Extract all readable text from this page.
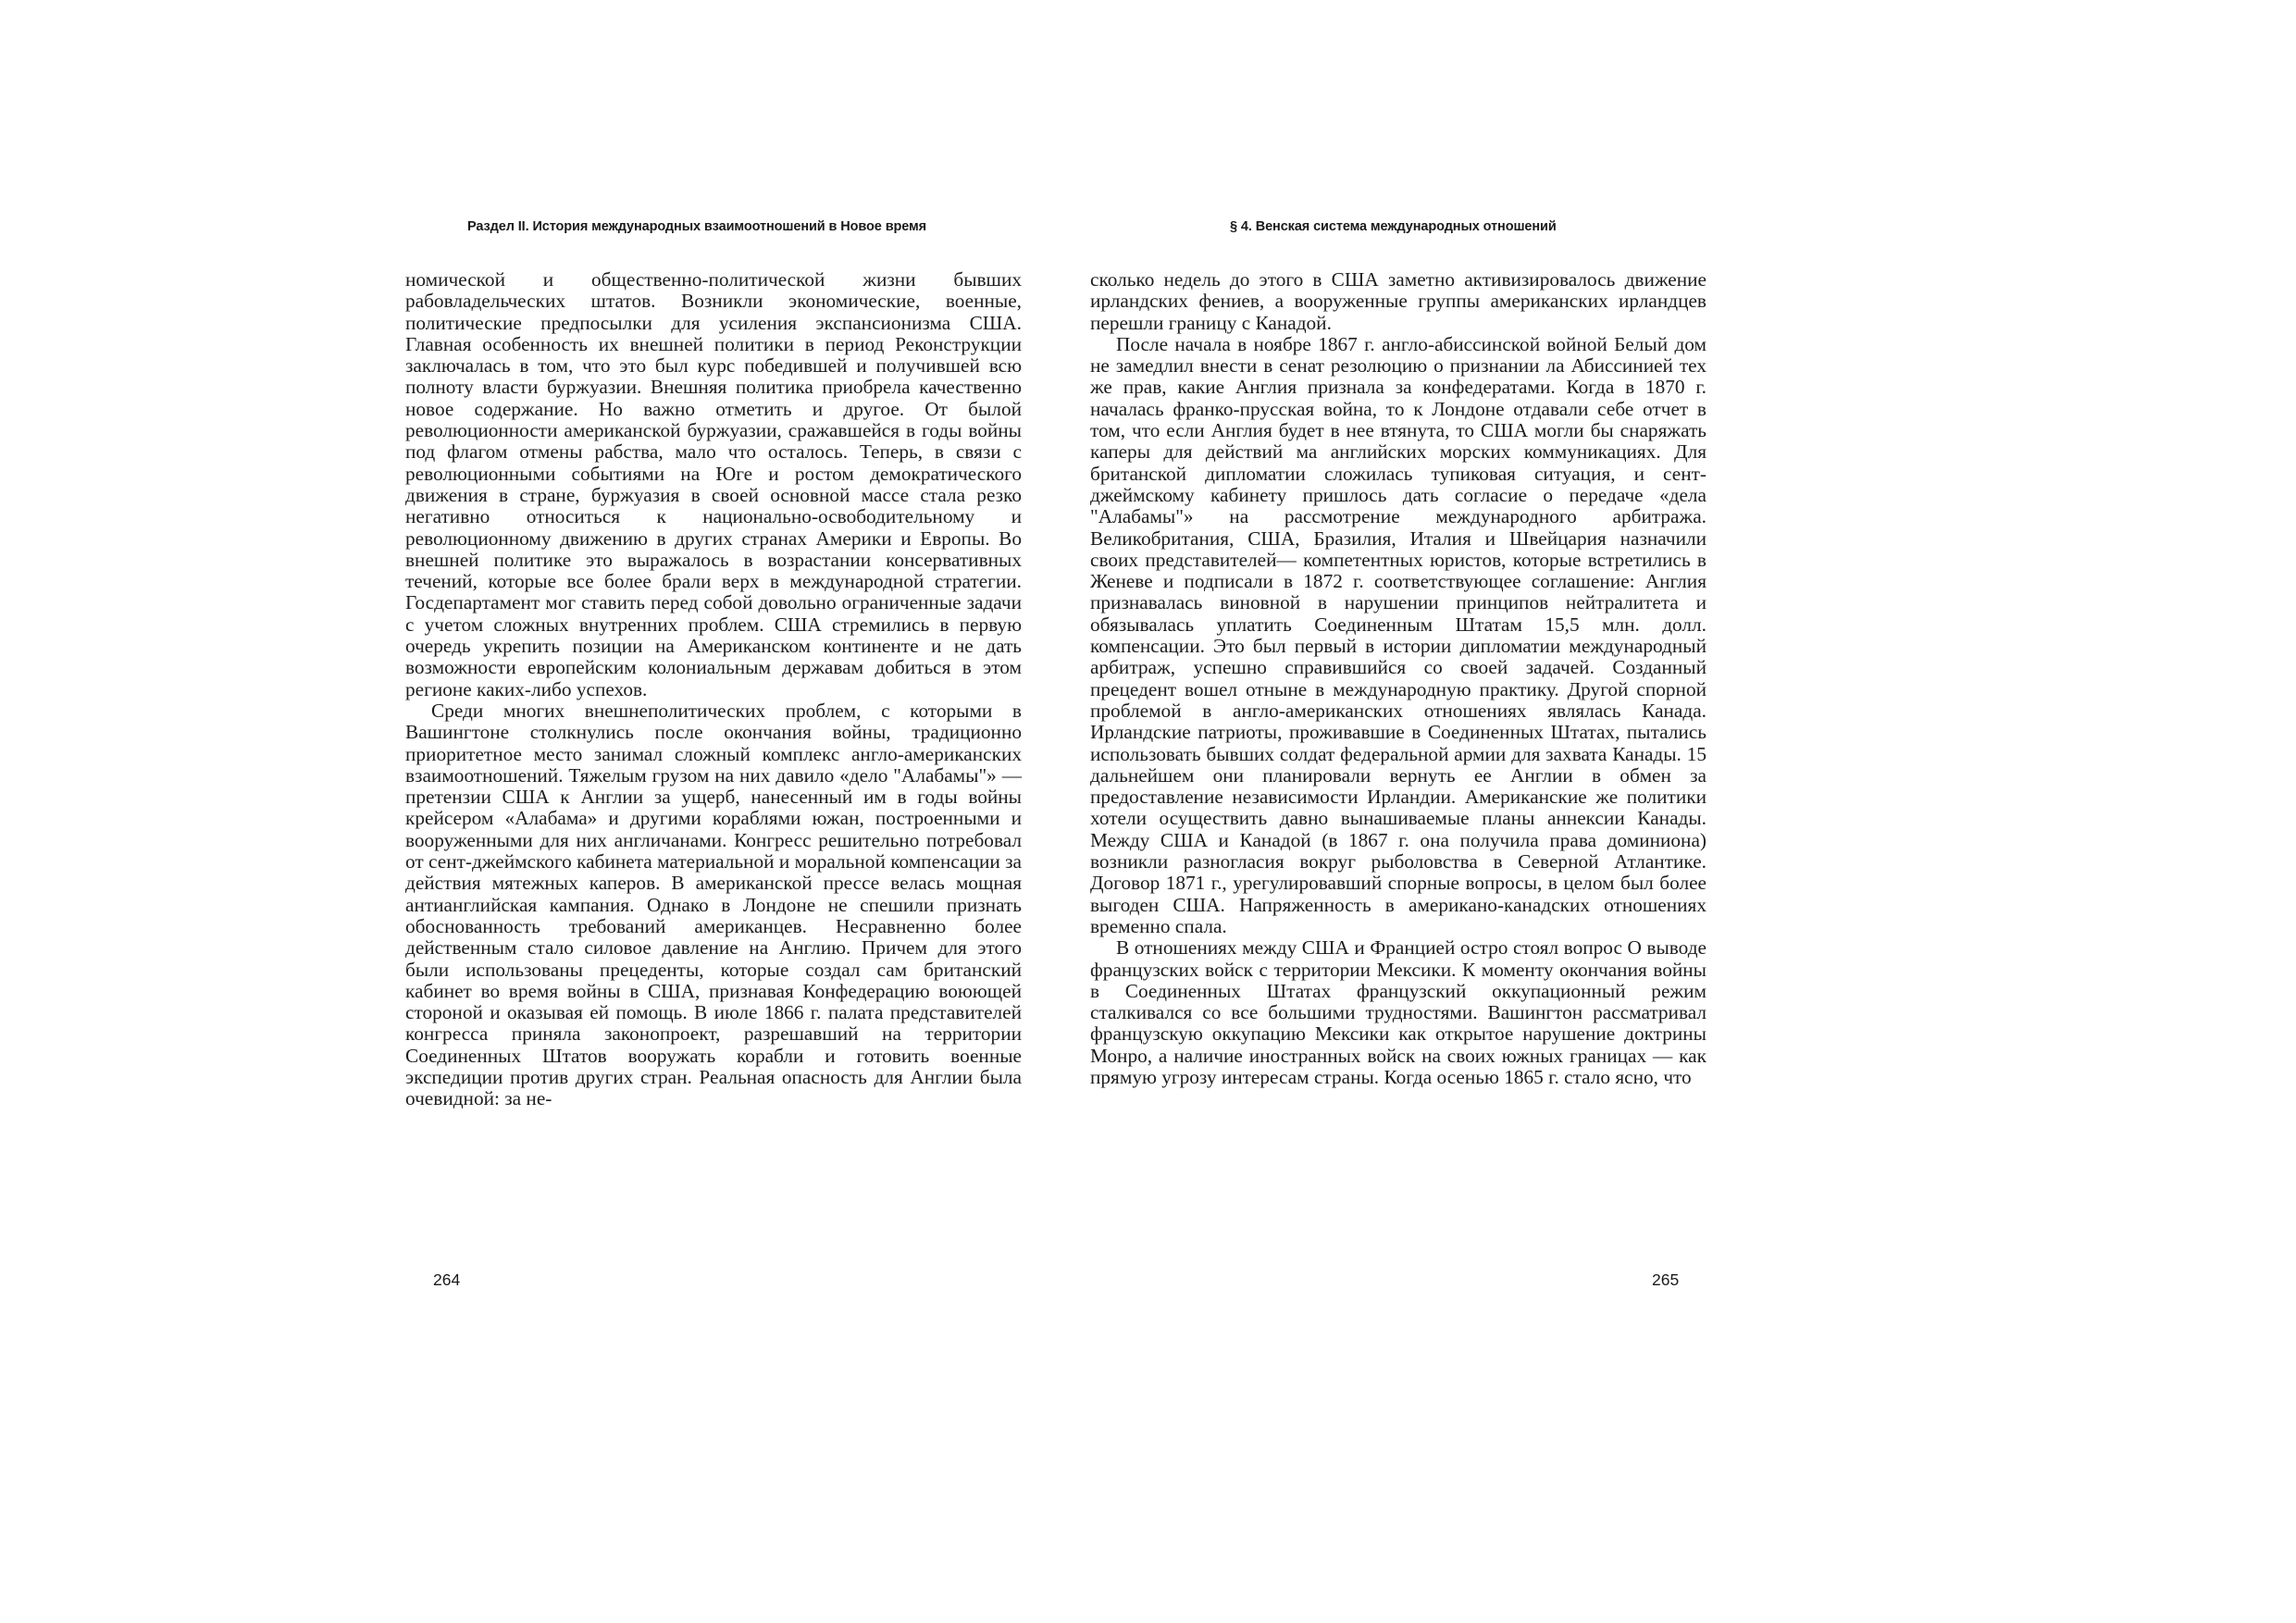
Раздел II. История международных взаимоотношений в Новое время

номической и общественно-политической жизни бывших рабовладельческих штатов. Возникли экономические, военные, политические предпосылки для усиления экспансионизма США. Главная особенность их внешней политики в период Реконструкции заключалась в том, что это был курс победившей и получившей всю полноту власти буржуазии. Внешняя политика приобрела качественно новое содержание. Но важно отметить и другое. От былой революционности американской буржуазии, сражавшейся в годы войны под флагом отмены рабства, мало что осталось. Теперь, в связи с революционными событиями на Юге и ростом демократического движения в стране, буржуазия в своей основной массе стала резко негативно относиться к национально-освободительному и революционному движению в других странах Америки и Европы. Во внешней политике это выражалось в возрастании консервативных течений, которые все более брали верх в международной стратегии. Госдепартамент мог ставить перед собой довольно ограниченные задачи с учетом сложных внутренних проблем. США стремились в первую очередь укрепить позиции на Американском континенте и не дать возможности европейским колониальным державам добиться в этом регионе каких-либо успехов.

Среди многих внешнеполитических проблем, с которыми в Вашингтоне столкнулись после окончания войны, традиционно приоритетное место занимал сложный комплекс англо-американских взаимоотношений. Тяжелым грузом на них давило «дело "Алабамы"» — претензии США к Англии за ущерб, нанесенный им в годы войны крейсером «Алабама» и другими кораблями южан, построенными и вооруженными для них англичанами. Конгресс решительно потребовал от сент-джеймского кабинета материальной и моральной компенсации за действия мятежных каперов. В американской прессе велась мощная антианглийская кампания. Однако в Лондоне не спешили признать обоснованность требований американцев. Несравненно более действенным стало силовое давление на Англию. Причем для этого были использованы прецеденты, которые создал сам британский кабинет во время войны в США, признавая Конфедерацию воюющей стороной и оказывая ей помощь. В июле 1866 г. палата представителей конгресса приняла законопроект, разрешавший на территории Соединенных Штатов вооружать корабли и готовить военные экспедиции против других стран. Реальная опасность для Англии была очевидной: за не-

264
§ 4. Венская система международных отношений

сколько недель до этого в США заметно активизировалось движение ирландских фениев, а вооруженные группы американских ирландцев перешли границу с Канадой.

После начала в ноябре 1867 г. англо-абиссинской войной Белый дом не замедлил внести в сенат резолюцию о признании ла Абиссинией тех же прав, какие Англия признала за конфедератами. Когда в 1870 г. началась франко-прусская война, то к Лондоне отдавали себе отчет в том, что если Англия будет в нее втянута, то США могли бы снаряжать каперы для действий ма английских морских коммуникациях. Для британской дипломатии сложилась тупиковая ситуация, и сент-джеймскому кабинету пришлось дать согласие о передаче «дела "Алабамы"» на рассмотрение международного арбитража. Великобритания, США, Бразилия, Италия и Швейцария назначили своих представителей— компетентных юристов, которые встретились в Женеве и подписали в 1872 г. соответствующее соглашение: Англия признавалась виновной в нарушении принципов нейтралитета и обязывалась уплатить Соединенным Штатам 15,5 млн. долл. компенсации. Это был первый в истории дипломатии международный арбитраж, успешно справившийся со своей задачей. Созданный прецедент вошел отныне в международную практику. Другой спорной проблемой в англо-американских отношениях являлась Канада. Ирландские патриоты, проживавшие в Соединенных Штатах, пытались использовать бывших солдат федеральной армии для захвата Канады. 15 дальнейшем они планировали вернуть ее Англии в обмен за предоставление независимости Ирландии. Американские же политики хотели осуществить давно вынашиваемые планы аннексии Канады. Между США и Канадой (в 1867 г. она получила права доминиона) возникли разногласия вокруг рыболовства в Северной Атлантике. Договор 1871 г., урегулировавший спорные вопросы, в целом был более выгоден США. Напряженность в американо-канадских отношениях временно спала.

В отношениях между США и Францией остро стоял вопрос О выводе французских войск с территории Мексики. К моменту окончания войны в Соединенных Штатах французский оккупационный режим сталкивался со все большими трудностями. Вашингтон рассматривал французскую оккупацию Мексики как открытое нарушение доктрины Монро, а наличие иностранных войск на своих южных границах — как прямую угрозу интересам страны. Когда осенью 1865 г. стало ясно, что

265
